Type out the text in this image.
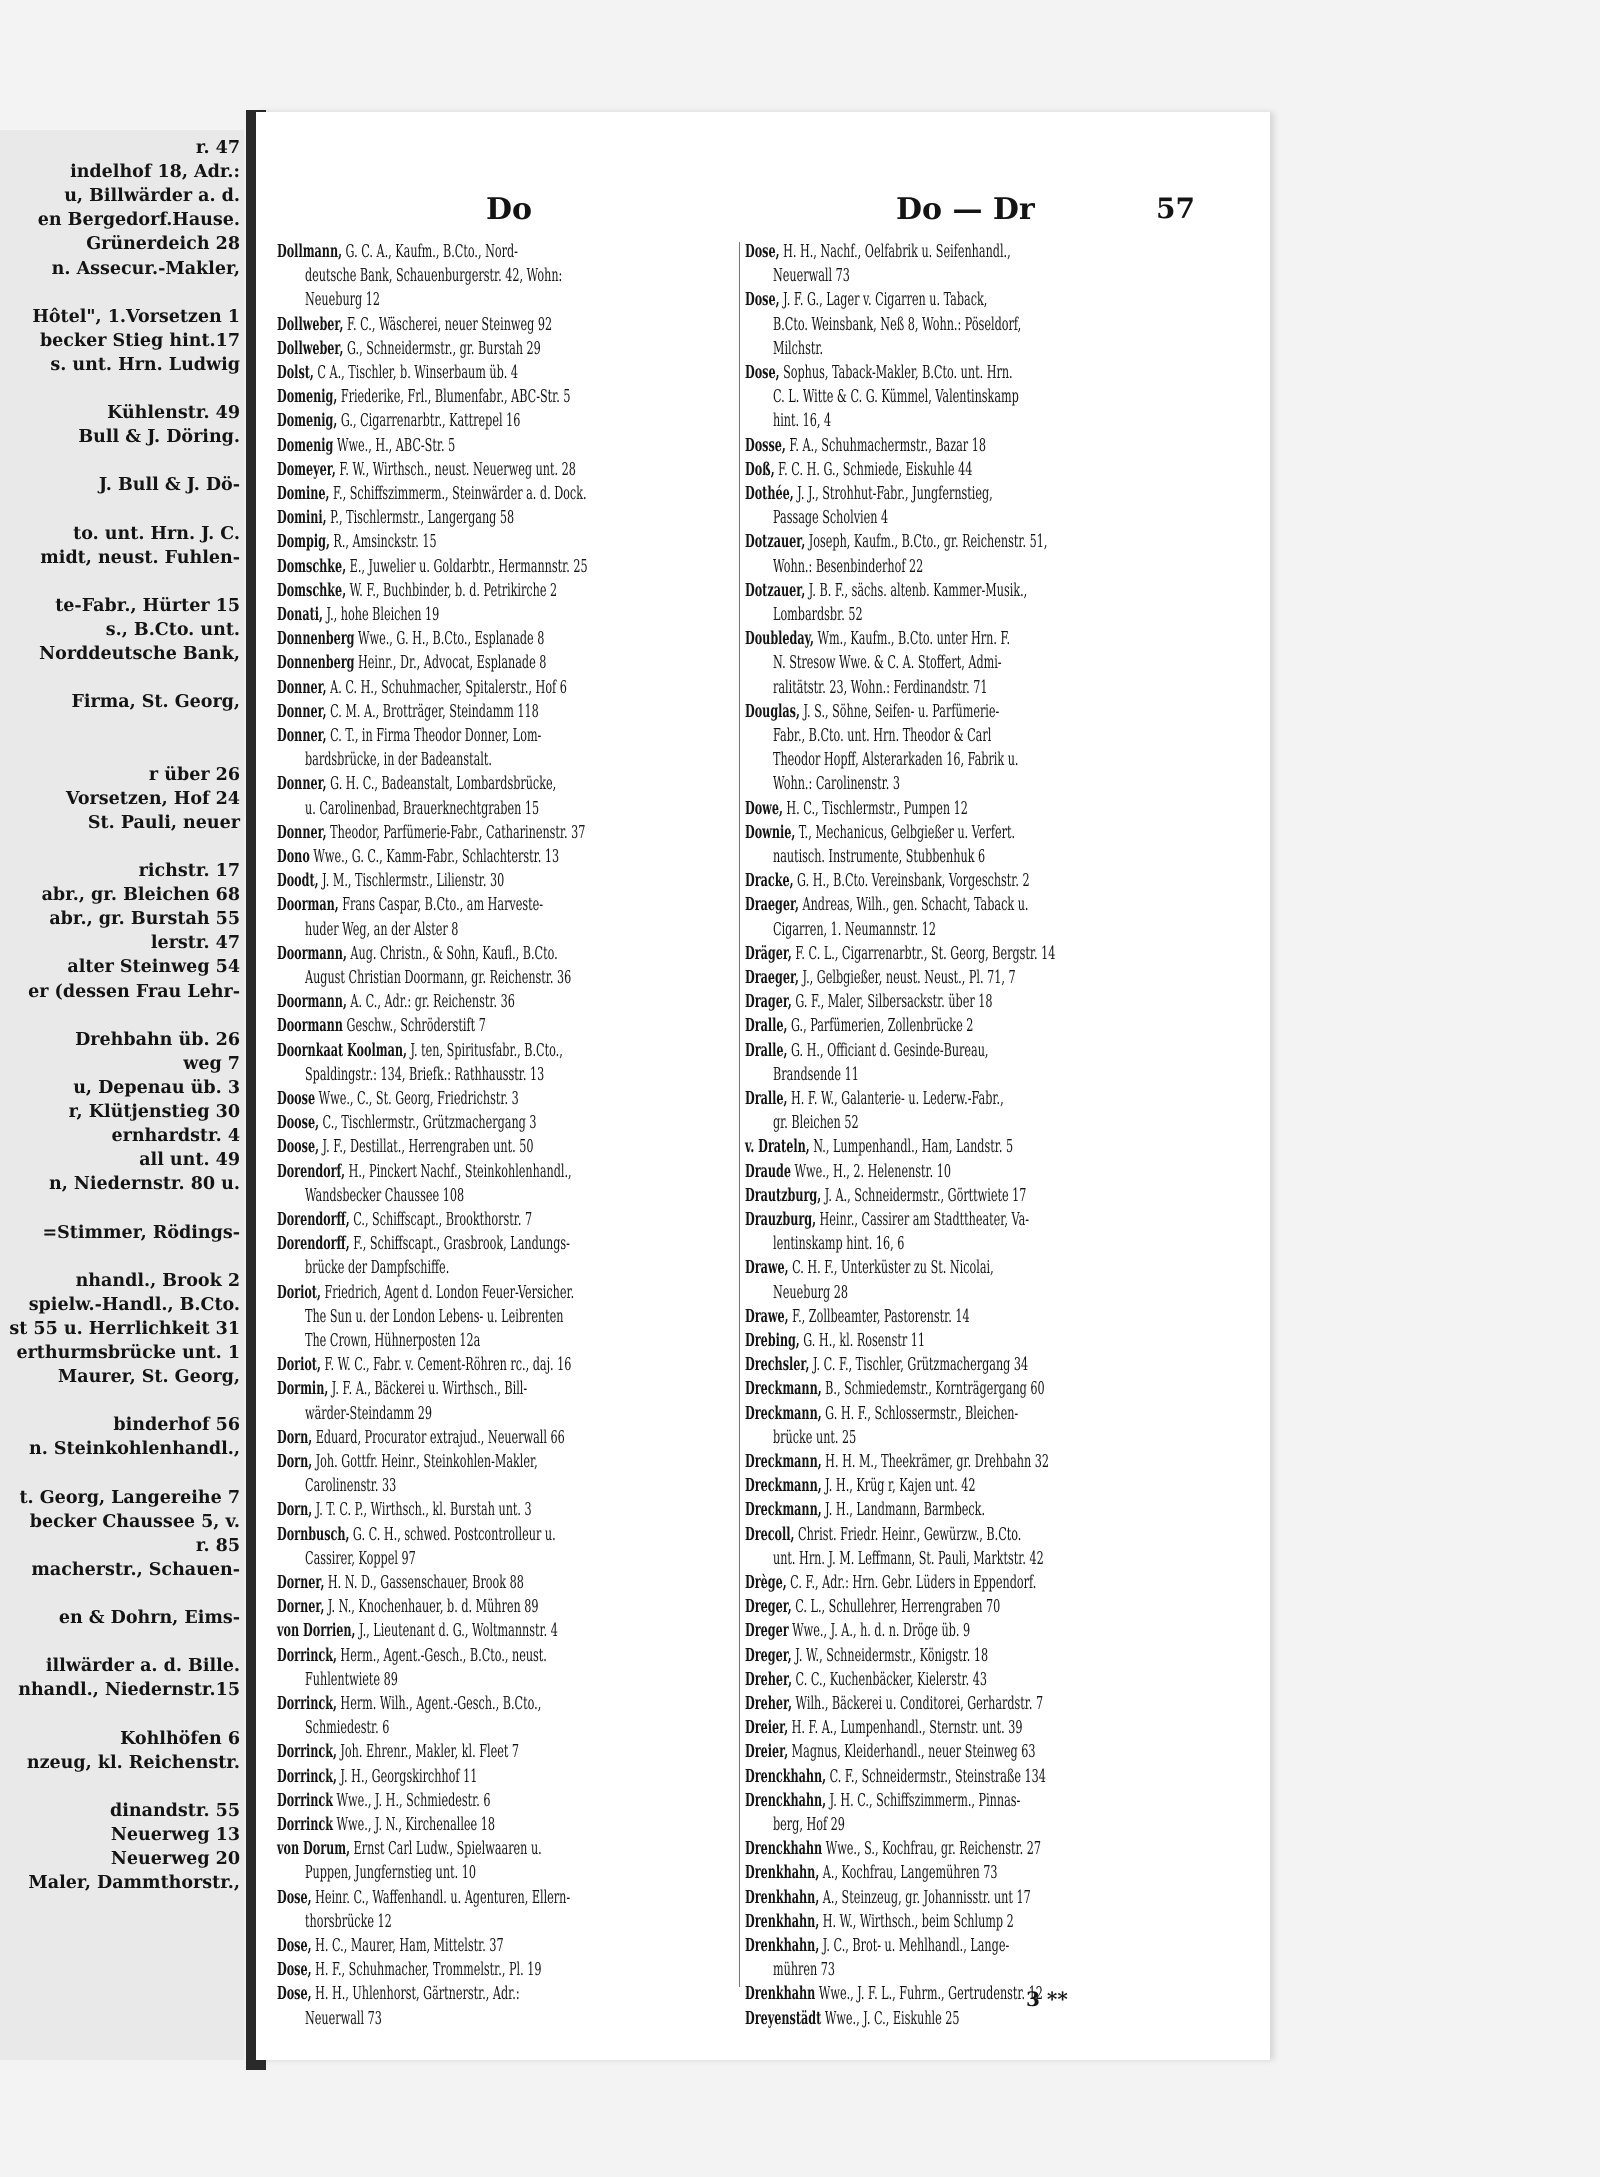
r. 47
indelhof 18, Adr.:
u, Billwärder a. d.
en Bergedorf.Hause.
Grünerdeich 28
n. Assecur.-Makler,
Hôtel", 1.Vorsetzen 1
becker Stieg hint.17
s. unt. Hrn. Ludwig
Kühlenstr. 49
Bull & J. Döring.
J. Bull & J. Dö-
to. unt. Hrn. J. C.
midt, neust. Fuhlen-
te-Fabr., Hürter 15
s., B.Cto. unt.
Norddeutsche Bank,
Firma, St. Georg,
r über 26
Vorsetzen, Hof 24
St. Pauli, neuer
richstr. 17
abr., gr. Bleichen 68
abr., gr. Burstah 55
lerstr. 47
alter Steinweg 54
er (dessen Frau Lehr-
Drehbahn üb. 26
weg 7
u, Depenau üb. 3
r, Klütjenstieg 30
ernhardstr. 4
all unt. 49
n, Niedernstr. 80 u.
=Stimmer, Rödings-
nhandl., Brook 2
spielw.-Handl., B.Cto.
st 55 u. Herrlichkeit 31
erthurmsbrücke unt. 1
Maurer, St. Georg,
binderhof 56
n. Steinkohlenhandl.,
t. Georg, Langereihe 7
becker Chaussee 5, v.
r. 85
macherstr., Schauen-
en & Dohrn, Eims-
illwärder a. d. Bille.
nhandl., Niedernstr.15
Kohlhöfen 6
nzeug, kl. Reichenstr.
dinandstr. 55
Neuerweg 13
Neuerweg 20
Maler, Dammthorstr.,
Do	Do — Dr	57
Dollmann, G. C. A., Kaufm., B.Cto., Nord-
deutsche Bank, Schauenburgerstr. 42, Wohn:
Neueburg 12
Dollweber, F. C., Wäscherei, neuer Steinweg 92
Dollweber, G., Schneidermstr., gr. Burstah 29
Dolst, C A., Tischler, b. Winserbaum üb. 4
Domenig, Friederike, Frl., Blumenfabr., ABC-Str. 5
Domenig, G., Cigarrenarbtr., Kattrepel 16
Domenig Wwe., H., ABC-Str. 5
Domeyer, F. W., Wirthsch., neust. Neuerweg unt. 28
Domine, F., Schiffszimmerm., Steinwärder a. d. Dock.
Domini, P., Tischlermstr., Langergang 58
Dompig, R., Amsinckstr. 15
Domschke, E., Juwelier u. Goldarbtr., Hermannstr. 25
Domschke, W. F., Buchbinder, b. d. Petrikirche 2
Donati, J., hohe Bleichen 19
Donnenberg Wwe., G. H., B.Cto., Esplanade 8
Donnenberg Heinr., Dr., Advocat, Esplanade 8
Donner, A. C. H., Schuhmacher, Spitalerstr., Hof 6
Donner, C. M. A., Brotträger, Steindamm 118
Donner, C. T., in Firma Theodor Donner, Lom-
bardsbrücke, in der Badeanstalt.
Donner, G. H. C., Badeanstalt, Lombardsbrücke,
u. Carolinenbad, Brauerknechtgraben 15
Donner, Theodor, Parfümerie-Fabr., Catharinenstr. 37
Dono Wwe., G. C., Kamm-Fabr., Schlachterstr. 13
Doodt, J. M., Tischlermstr., Lilienstr. 30
Doorman, Frans Caspar, B.Cto., am Harveste-
huder Weg, an der Alster 8
Doormann, Aug. Christn., & Sohn, Kaufl., B.Cto.
August Christian Doormann, gr. Reichenstr. 36
Doormann, A. C., Adr.: gr. Reichenstr. 36
Doormann Geschw., Schröderstift 7
Doornkaat Koolman, J. ten, Spiritusfabr., B.Cto.,
Spaldingstr.: 134, Briefk.: Rathhausstr. 13
Doose Wwe., C., St. Georg, Friedrichstr. 3
Doose, C., Tischlermstr., Grützmachergang 3
Doose, J. F., Destillat., Herrengraben unt. 50
Dorendorf, H., Pinckert Nachf., Steinkohlenhandl.,
Wandsbecker Chaussee 108
Dorendorff, C., Schiffscapt., Brookthorstr. 7
Dorendorff, F., Schiffscapt., Grasbrook, Landungs-
brücke der Dampfschiffe.
Doriot, Friedrich, Agent d. London Feuer-Versicher.
The Sun u. der London Lebens- u. Leibrenten
The Crown, Hühnerposten 12a
Doriot, F. W. C., Fabr. v. Cement-Röhren rc., daj. 16
Dormin, J. F. A., Bäckerei u. Wirthsch., Bill-
wärder-Steindamm 29
Dorn, Eduard, Procurator extrajud., Neuerwall 66
Dorn, Joh. Gottfr. Heinr., Steinkohlen-Makler,
Carolinenstr. 33
Dorn, J. T. C. P., Wirthsch., kl. Burstah unt. 3
Dornbusch, G. C. H., schwed. Postcontrolleur u.
Cassirer, Koppel 97
Dorner, H. N. D., Gassenschauer, Brook 88
Dorner, J. N., Knochenhauer, b. d. Mühren 89
von Dorrien, J., Lieutenant d. G., Woltmannstr. 4
Dorrinck, Herm., Agent.-Gesch., B.Cto., neust.
Fuhlentwiete 89
Dorrinck, Herm. Wilh., Agent.-Gesch., B.Cto.,
Schmiedestr. 6
Dorrinck, Joh. Ehrenr., Makler, kl. Fleet 7
Dorrinck, J. H., Georgskirchhof 11
Dorrinck Wwe., J. H., Schmiedestr. 6
Dorrinck Wwe., J. N., Kirchenallee 18
von Dorum, Ernst Carl Ludw., Spielwaaren u.
Puppen, Jungfernstieg unt. 10
Dose, Heinr. C., Waffenhandl. u. Agenturen, Ellern-
thorsbrücke 12
Dose, H. C., Maurer, Ham, Mittelstr. 37
Dose, H. F., Schuhmacher, Trommelstr., Pl. 19
Dose, H. H., Uhlenhorst, Gärtnerstr., Adr.:
Neuerwall 73
Dose, H. H., Nachf., Oelfabrik u. Seifenhandl.,
Neuerwall 73
Dose, J. F. G., Lager v. Cigarren u. Taback,
B.Cto. Weinsbank, Neß 8, Wohn.: Pöseldorf,
Milchstr.
Dose, Sophus, Taback-Makler, B.Cto. unt. Hrn.
C. L. Witte & C. G. Kümmel, Valentinskamp
hint. 16, 4
Dosse, F. A., Schuhmachermstr., Bazar 18
Doß, F. C. H. G., Schmiede, Eiskuhle 44
Dothée, J. J., Strohhut-Fabr., Jungfernstieg,
Passage Scholvien 4
Dotzauer, Joseph, Kaufm., B.Cto., gr. Reichenstr. 51,
Wohn.: Besenbinderhof 22
Dotzauer, J. B. F., sächs. altenb. Kammer-Musik.,
Lombardsbr. 52
Doubleday, Wm., Kaufm., B.Cto. unter Hrn. F.
N. Stresow Wwe. & C. A. Stoffert, Admi-
ralitätstr. 23, Wohn.: Ferdinandstr. 71
Douglas, J. S., Söhne, Seifen- u. Parfümerie-
Fabr., B.Cto. unt. Hrn. Theodor & Carl
Theodor Hopff, Alsterarkaden 16, Fabrik u.
Wohn.: Carolinenstr. 3
Dowe, H. C., Tischlermstr., Pumpen 12
Downie, T., Mechanicus, Gelbgießer u. Verfert.
nautisch. Instrumente, Stubbenhuk 6
Dracke, G. H., B.Cto. Vereinsbank, Vorgeschstr. 2
Draeger, Andreas, Wilh., gen. Schacht, Taback u.
Cigarren, 1. Neumannstr. 12
Dräger, F. C. L., Cigarrenarbtr., St. Georg, Bergstr. 14
Draeger, J., Gelbgießer, neust. Neust., Pl. 71, 7
Drager, G. F., Maler, Silbersackstr. über 18
Dralle, G., Parfümerien, Zollenbrücke 2
Dralle, G. H., Officiant d. Gesinde-Bureau,
Brandsende 11
Dralle, H. F. W., Galanterie- u. Lederw.-Fabr.,
gr. Bleichen 52
v. Drateln, N., Lumpenhandl., Ham, Landstr. 5
Draude Wwe., H., 2. Helenenstr. 10
Drautzburg, J. A., Schneidermstr., Görttwiete 17
Drauzburg, Heinr., Cassirer am Stadttheater, Va-
lentinskamp hint. 16, 6
Drawe, C. H. F., Unterküster zu St. Nicolai,
Neueburg 28
Drawe, F., Zollbeamter, Pastorenstr. 14
Drebing, G. H., kl. Rosenstr 11
Drechsler, J. C. F., Tischler, Grützmachergang 34
Dreckmann, B., Schmiedemstr., Kornträgergang 60
Dreckmann, G. H. F., Schlossermstr., Bleichen-
brücke unt. 25
Dreckmann, H. H. M., Theekrämer, gr. Drehbahn 32
Dreckmann, J. H., Krüg r, Kajen unt. 42
Dreckmann, J. H., Landmann, Barmbeck.
Drecoll, Christ. Friedr. Heinr., Gewürzw., B.Cto.
unt. Hrn. J. M. Leffmann, St. Pauli, Marktstr. 42
Drège, C. F., Adr.: Hrn. Gebr. Lüders in Eppendorf.
Dreger, C. L., Schullehrer, Herrengraben 70
Dreger Wwe., J. A., h. d. n. Dröge üb. 9
Dreger, J. W., Schneidermstr., Königstr. 18
Dreher, C. C., Kuchenbäcker, Kielerstr. 43
Dreher, Wilh., Bäckerei u. Conditorei, Gerhardstr. 7
Dreier, H. F. A., Lumpenhandl., Sternstr. unt. 39
Dreier, Magnus, Kleiderhandl., neuer Steinweg 63
Drenckhahn, C. F., Schneidermstr., Steinstraße 134
Drenckhahn, J. H. C., Schiffszimmerm., Pinnas-
berg, Hof 29
Drenckhahn Wwe., S., Kochfrau, gr. Reichenstr. 27
Drenkhahn, A., Kochfrau, Langemühren 73
Drenkhahn, A., Steinzeug, gr. Johannisstr. unt 17
Drenkhahn, H. W., Wirthsch., beim Schlump 2
Drenkhahn, J. C., Brot- u. Mehlhandl., Lange-
mühren 73
Drenkhahn Wwe., J. F. L., Fuhrm., Gertrudenstr. 12
Dreyenstädt Wwe., J. C., Eiskuhle 25
3 **
